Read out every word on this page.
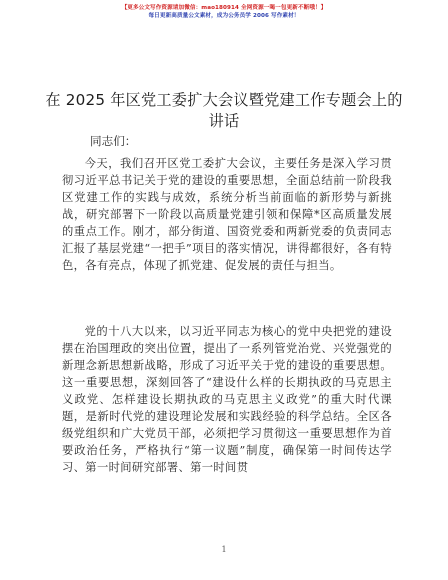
【更多公文写作资源请加微信：mao180914 全网资源一喝一包更新不断哦！】
每日更新高质量公文素材，成为公务员学 2006 写作素材！
在 2025 年区党工委扩大会议暨党建工作专题会上的讲话
同志们：

今天，我们召开区党工委扩大会议，主要任务是深入学习贯彻习近平总书记关于党的建设的重要思想，全面总结前一阶段我区党建工作的实践与成效，系统分析当前面临的新形势与新挑战，研究部署下一阶段以高质量党建引领和保障*区高质量发展的重点工作。刚才，部分街道、国资党委和两新党委的负责同志汇报了基层党建“一把手”项目的落实情况，讲得都很好，各有特色，各有亮点，体现了抓党建、促发展的责任与担当。

党的十八大以来，以习近平同志为核心的党中央把党的建设摆在治国理政的突出位置，提出了一系列管党治党、兴党强党的新理念新思想新战略，形成了习近平关于党的建设的重要思想。这一重要思想，深刻回答了“建设什么样的长期执政的马克思主义政党、怎样建设长期执政的马克思主义政党”的重大时代课题，是新时代党的建设理论发展和实践经验的科学总结。全区各级党组织和广大党员干部，必须把学习贯彻这一重要思想作为首要政治任务，严格执行“第一议题”制度，确保第一时间传达学习、第一时间研究部署、第一时间贯

1
